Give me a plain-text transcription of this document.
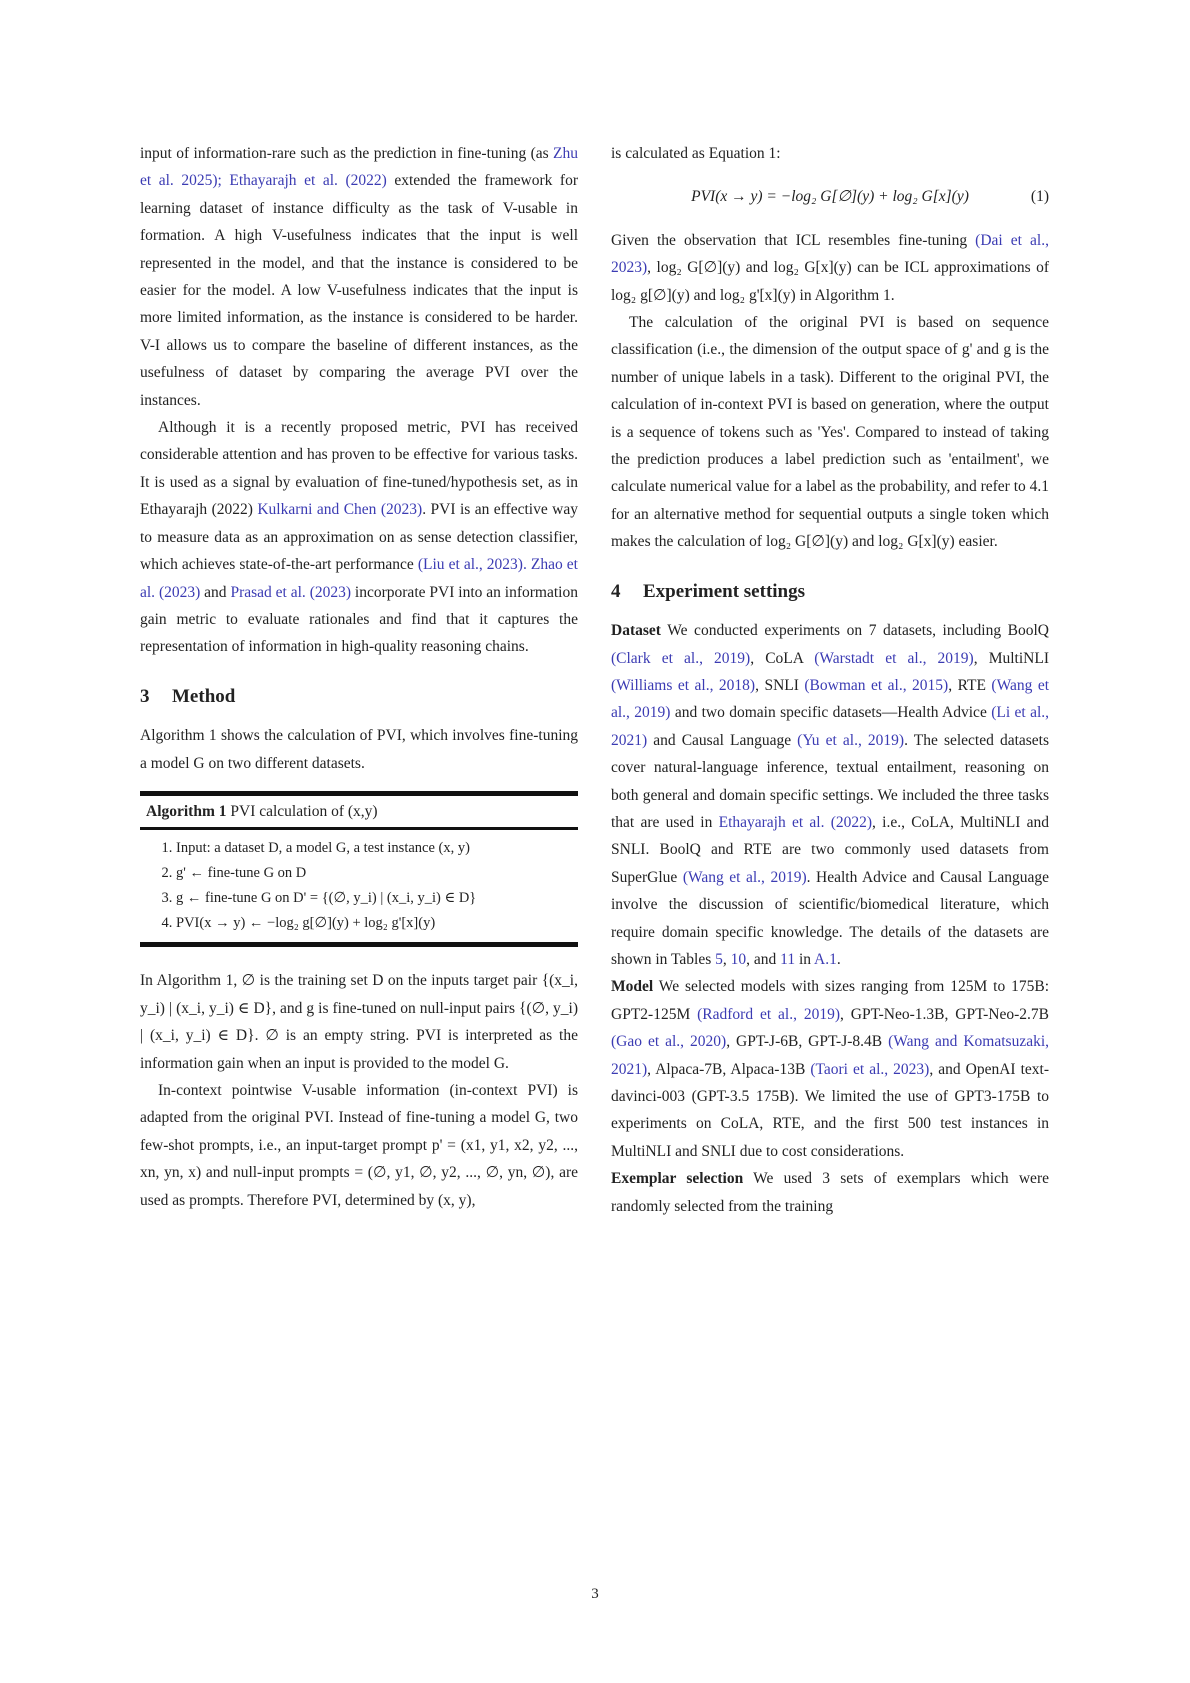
input of information-rare such as the prediction in fine-tuning (as Zhu et al. 2025); Ethayarajh et al. (2022) extended the framework for learning dataset of instance difficulty as the task of V-usable in formation. A high V-usefulness indicates that the input is well represented in the model, and that the instance is considered to be easier for the model. A low V-usefulness indicates that the input is more limited information, as the instance is considered to be harder. V-I allows us to compare the baseline of different instances, as the usefulness of dataset by comparing the average PVI over the instances.

Although it is a recently proposed metric, PVI has received considerable attention and has proven to be effective for various tasks. It is used as a signal by evaluation of fine-tuned/hypothesis set, as in Ethayarajh (2022) Kulkarni and Chen (2023). PVI is an effective way to measure data as an approximation on as sense detection classifier, which achieves state-of-the-art performance (Liu et al., 2023). Zhao et al. (2023) and Prasad et al. (2023) incorporate PVI into an information gain metric to evaluate rationales and find that it captures the representation of information in high-quality reasoning chains.

3 Method

Algorithm 1 shows the calculation of PVI, which involves fine-tuning a model G on two different datasets.

Algorithm 1 PVI calculation of (x,y)
1. Input: a dataset D, a model G, a test instance (x, y)
2. g' ← fine-tune G on D
3. g ← fine-tune G on D' = {(∅, y_i) | (x_i, y_i) ∈ D}
4. PVI(x → y) ← −log₂ g[∅](y) + log₂ g'[x](y)

In Algorithm 1, ∅ is the training set D on the inputs target pair {(x_i, y_i) | (x_i, y_i) ∈ D}, and g is fine-tuned on null-input pairs {(∅, y_i) | (x_i, y_i) ∈ D}. ∅ is an empty string. PVI is interpreted as the information gain when an input is provided to the model G.

In-context pointwise V-usable information (in-context PVI) is adapted from the original PVI. Instead of fine-tuning a model G, two few-shot prompts, i.e., an input-target prompt p' = (x1, y1, x2, y2, ..., xn, yn, x) and null-input prompts = (∅, y1, ∅, y2, ..., ∅, yn, ∅), are used as prompts. Therefore PVI, determined by (x, y),

is calculated as Equation 1:

PVI(x → y) = −log₂ G[∅](y) + log₂ G[x](y)	(1)

Given the observation that ICL resembles fine-tuning (Dai et al., 2023), log₂ G[∅](y) and log₂ G[x](y) can be ICL approximations of log₂ g[∅](y) and log₂ g'[x](y) in Algorithm 1.

The calculation of the original PVI is based on sequence classification (i.e., the dimension of the output space of g' and g is the number of unique labels in a task). Different to the original PVI, the calculation of in-context PVI is based on generation, where the output is a sequence of tokens such as 'Yes'. Compared to instead of taking the prediction produces a label prediction such as 'entailment', we calculate numerical value for a label as the probability, and refer to 4.1 for an alternative method for sequential outputs a single token which makes the calculation of log₂ G[∅](y) and log₂ G[x](y) easier.

4 Experiment settings

Dataset We conducted experiments on 7 datasets, including BoolQ (Clark et al., 2019), CoLA (Warstadt et al., 2019), MultiNLI (Williams et al., 2018), SNLI (Bowman et al., 2015), RTE (Wang et al., 2019) and two domain specific datasets—Health Advice (Li et al., 2021) and Causal Language (Yu et al., 2019). The selected datasets cover natural-language inference, textual entailment, reasoning on both general and domain specific settings. We included the three tasks that are used in Ethayarajh et al. (2022), i.e., CoLA, MultiNLI and SNLI. BoolQ and RTE are two commonly used datasets from SuperGlue (Wang et al., 2019). Health Advice and Causal Language involve the discussion of scientific/biomedical literature, which require domain specific knowledge. The details of the datasets are shown in Tables 5, 10, and 11 in A.1.

Model We selected models with sizes ranging from 125M to 175B: GPT2-125M (Radford et al., 2019), GPT-Neo-1.3B, GPT-Neo-2.7B (Gao et al., 2020), GPT-J-6B, GPT-J-8.4B (Wang and Komatsuzaki, 2021), Alpaca-7B, Alpaca-13B (Taori et al., 2023), and OpenAI text-davinci-003 (GPT-3.5 175B). We limited the use of GPT3-175B to experiments on CoLA, RTE, and the first 500 test instances in MultiNLI and SNLI due to cost considerations.

Exemplar selection We used 3 sets of exemplars which were randomly selected from the training

3
